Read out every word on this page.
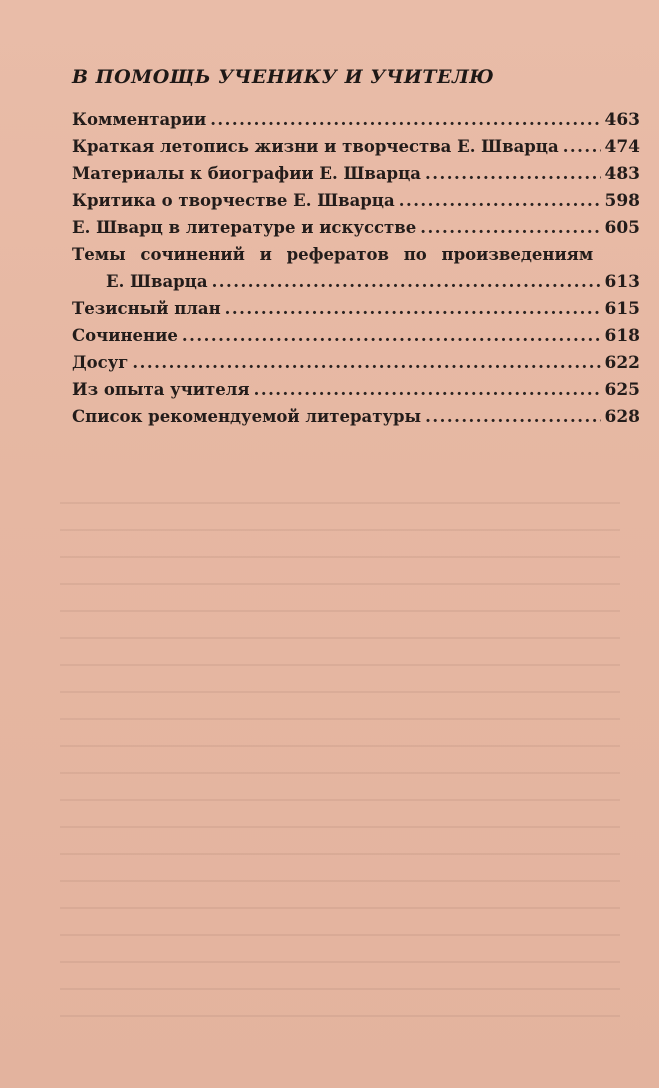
В ПОМОЩЬ УЧЕНИКУ И УЧИТЕЛЮ
Комментарии .....	463
Краткая летопись жизни и творчества Е. Шварца .....	474
Материалы к биографии Е. Шварца .....	483
Критика о творчестве Е. Шварца .....	598
Е. Шварц в литературе и искусстве .....	605
Темы сочинений и рефератов по произведениям
Е. Шварца .....	613
Тезисный план .....	615
Сочинение .....	618
Досуг .....	622
Из опыта учителя .....	625
Список рекомендуемой литературы .....	628
